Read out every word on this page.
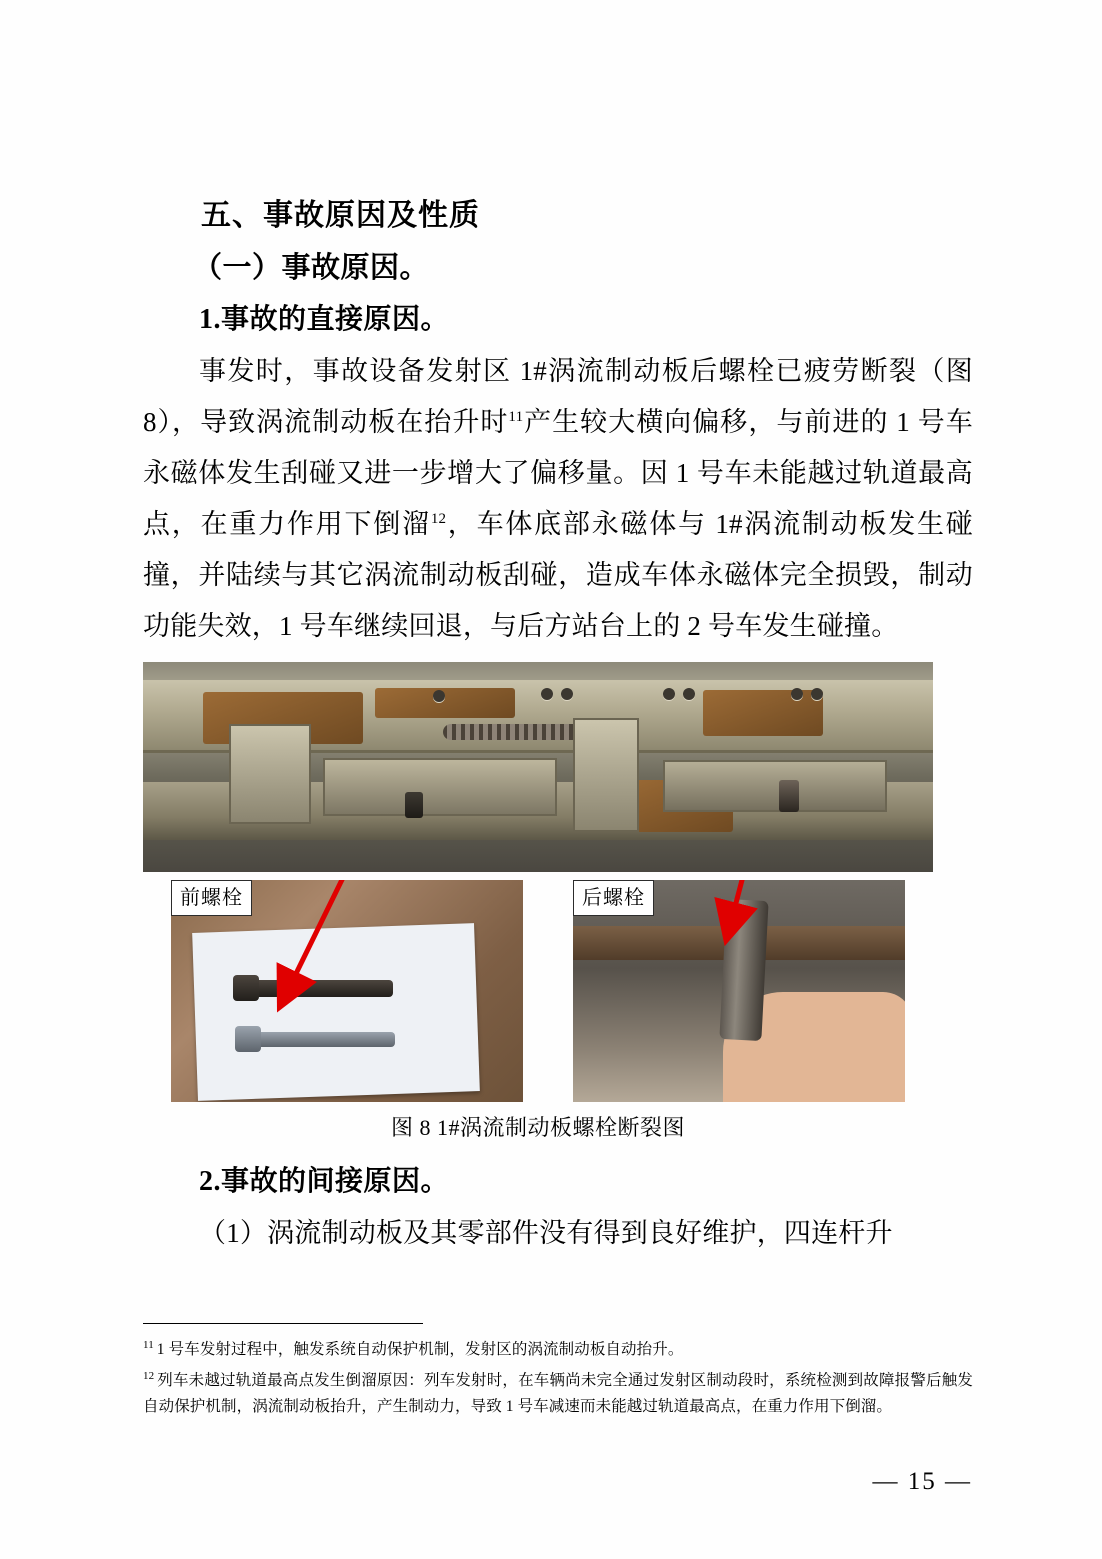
五、事故原因及性质
（一）事故原因。
1.事故的直接原因。

事发时，事故设备发射区 1#涡流制动板后螺栓已疲劳断裂（图 8），导致涡流制动板在抬升时$^{11}$产生较大横向偏移，与前进的 1 号车永磁体发生刮碰又进一步增大了偏移量。因 1 号车未能越过轨道最高点，在重力作用下倒溜$^{12}$，车体底部永磁体与 1#涡流制动板发生碰撞，并陆续与其它涡流制动板刮碰，造成车体永磁体完全损毁，制动功能失效，1 号车继续回退，与后方站台上的 2 号车发生碰撞。

前螺栓	后螺栓
图 8 1#涡流制动板螺栓断裂图
2.事故的间接原因。

（1）涡流制动板及其零部件没有得到良好维护，四连杆升

$^{11}$ 1 号车发射过程中，触发系统自动保护机制，发射区的涡流制动板自动抬升。

$^{12}$ 列车未越过轨道最高点发生倒溜原因：列车发射时，在车辆尚未完全通过发射区制动段时，系统检测到故障报警后触发自动保护机制，涡流制动板抬升，产生制动力，导致 1 号车减速而未能越过轨道最高点，在重力作用下倒溜。

— 15 —
